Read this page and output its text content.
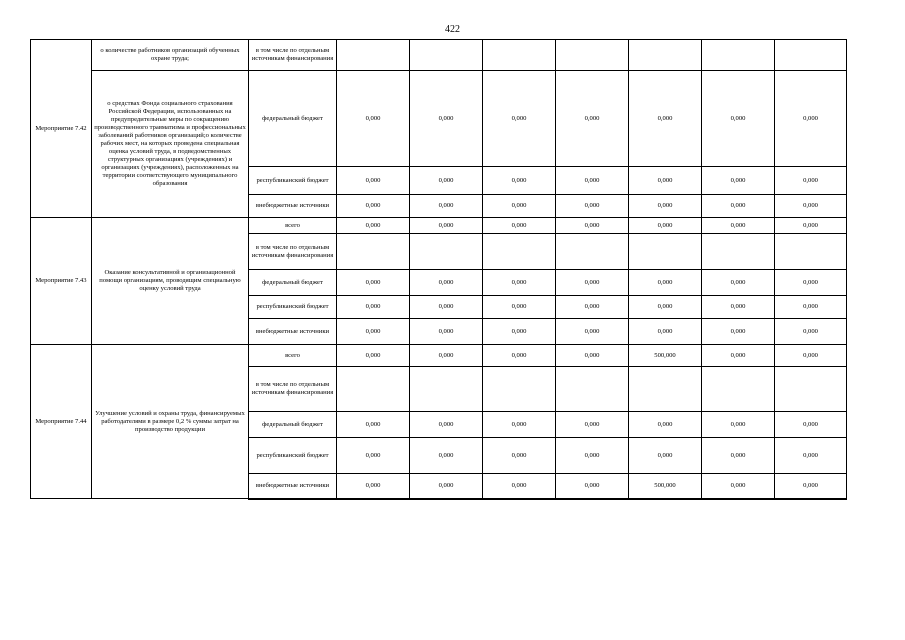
422
Мероприятие 7.42	о количестве работников организаций обученных охране труда;	в том числе по отдельным источникам финансирования							
	о средствах Фонда социального страхования Российской Федерации, использованных на предупредительные меры по сокращению производственного травматизма и профессиональных заболеваний работников организаций;о количестве рабочих мест, на которых проведена специальная оценка условий труда, в подведомственных структурных организациях (учреждениях) и организациях (учреждениях), расположенных на территории соответствующего муниципального образования	федеральный бюджет	0,000	0,000	0,000	0,000	0,000	0,000	0,000
		республиканский бюджет	0,000	0,000	0,000	0,000	0,000	0,000	0,000
		внебюджетные источники	0,000	0,000	0,000	0,000	0,000	0,000	0,000
Мероприятие 7.43	Оказание консультативной и организационной помощи организациям, проводящим специальную оценку условий труда	всего	0,000	0,000	0,000	0,000	0,000	0,000	0,000
		в том числе по отдельным источникам финансирования							
		федеральный бюджет	0,000	0,000	0,000	0,000	0,000	0,000	0,000
		республиканский бюджет	0,000	0,000	0,000	0,000	0,000	0,000	0,000
		внебюджетные источники	0,000	0,000	0,000	0,000	0,000	0,000	0,000
Мероприятие 7.44	Улучшение условий и охраны труда, финансируемых работодателями в размере 0,2 % суммы затрат на производство продукции	всего	0,000	0,000	0,000	0,000	500,000	0,000	0,000
		в том числе по отдельным источникам финансирования							
		федеральный бюджет	0,000	0,000	0,000	0,000	0,000	0,000	0,000
		республиканский бюджет	0,000	0,000	0,000	0,000	0,000	0,000	0,000
		внебюджетные источники	0,000	0,000	0,000	0,000	500,000	0,000	0,000
